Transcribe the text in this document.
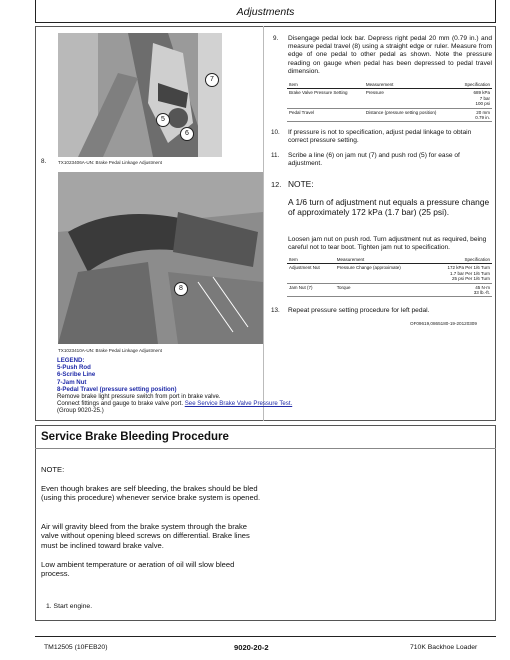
Adjustments
7
5
6
8.	TX1023406A-UN: Brake Pedal Linkage Adjustment
8
TX1023410A-UN: Brake Pedal Linkage Adjustment
LEGEND:
5-Push Rod
6-Scribe Line
7-Jam Nut
8-Pedal Travel (pressure setting position)
Remove brake light pressure switch from port in brake valve.
Connect fittings and gauge to brake valve port. See Service Brake Valve Pressure Test.
(Group 9020-25.)
9. Disengage pedal lock bar. Depress right pedal 20 mm (0.79 in.) and measure pedal travel (8) using a straight edge or ruler. Measure from edge of one pedal to other pedal as shown. Note the pressure reading on gauge when pedal has been depressed to pedal travel dimension.
Item	Measurement	Specification
Brake Valve Pressure Setting	Pressure	689 kPa
7 bar
100 psi
Pedal Travel	Distance (pressure setting position)	20 mm
0.79 in.
10. If pressure is not to specification, adjust pedal linkage to obtain correct pressure setting.
11. Scribe a line (6) on jam nut (7) and push rod (5) for ease of adjustment.
12. NOTE:
A 1/6 turn of adjustment nut equals a pressure change of approximately 172 kPa (1.7 bar) (25 psi).
Loosen jam nut on push rod. Turn adjustment nut as required, being careful not to tear boot. Tighten jam nut to specification.
Item	Measurement	Specification
Adjustment Nut	Pressure Change (approximate)	172 kPa Per 1/6 Turn
1.7 bar Per 1/6 Turn
25 psi Per 1/6 Turn
Jam Nut (7)	Torque	45 N·m
33 lb.-ft.
13. Repeat pressure setting procedure for left pedal.
OF09619,0865180-19-20120309
Service Brake Bleeding Procedure
NOTE:
Even though brakes are self bleeding, the brakes should be bled (using this procedure) whenever service brake system is opened.
Air will gravity bleed from the brake system through the brake valve without opening bleed screws on differential. Brake lines must be inclined toward brake valve.
Low ambient temperature or aeration of oil will slow bleed process.
1. Start engine.
TM12505 (10FEB20)	9020-20-2	710K Backhoe Loader
